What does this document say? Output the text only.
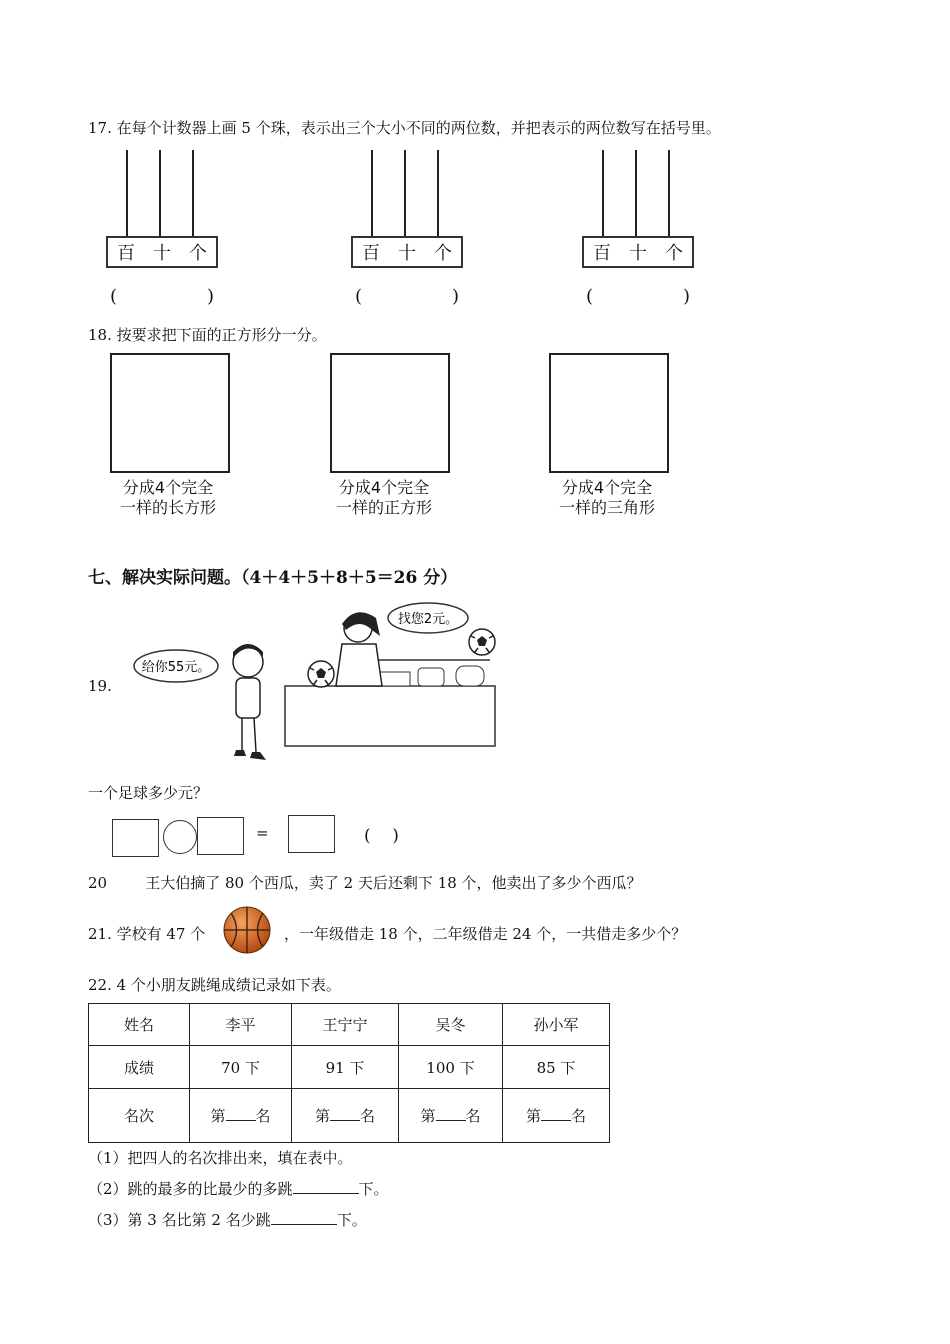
17. 在每个计数器上画 5 个珠，表示出三个大小不同的两位数，并把表示的两位数写在括号里。
百 十 个
(	)
百 十 个
(	)
百 十 个
(	)
18. 按要求把下面的正方形分一分。
分成4个完全
一样的长方形
分成4个完全
一样的正方形
分成4个完全
一样的三角形
七、解决实际问题。（4＋4＋5＋8＋5＝26 分）
19.
给你55元。
找您2元。
一个足球多少元？
=	(    )
20        王大伯摘了 80 个西瓜，卖了 2 天后还剩下 18 个，他卖出了多少个西瓜？
21. 学校有 47 个	，一年级借走 18 个，二年级借走 24 个，一共借走多少个？
22. 4 个小朋友跳绳成绩记录如下表。
姓名	李平	王宁宁	吴冬	孙小军
成绩	70 下	91 下	100 下	85 下
名次	第 名	第 名	第 名	第 名
（1）把四人的名次排出来，填在表中。
（2）跳的最多的比最少的多跳	下。
（3）第 3 名比第 2 名少跳	下。
